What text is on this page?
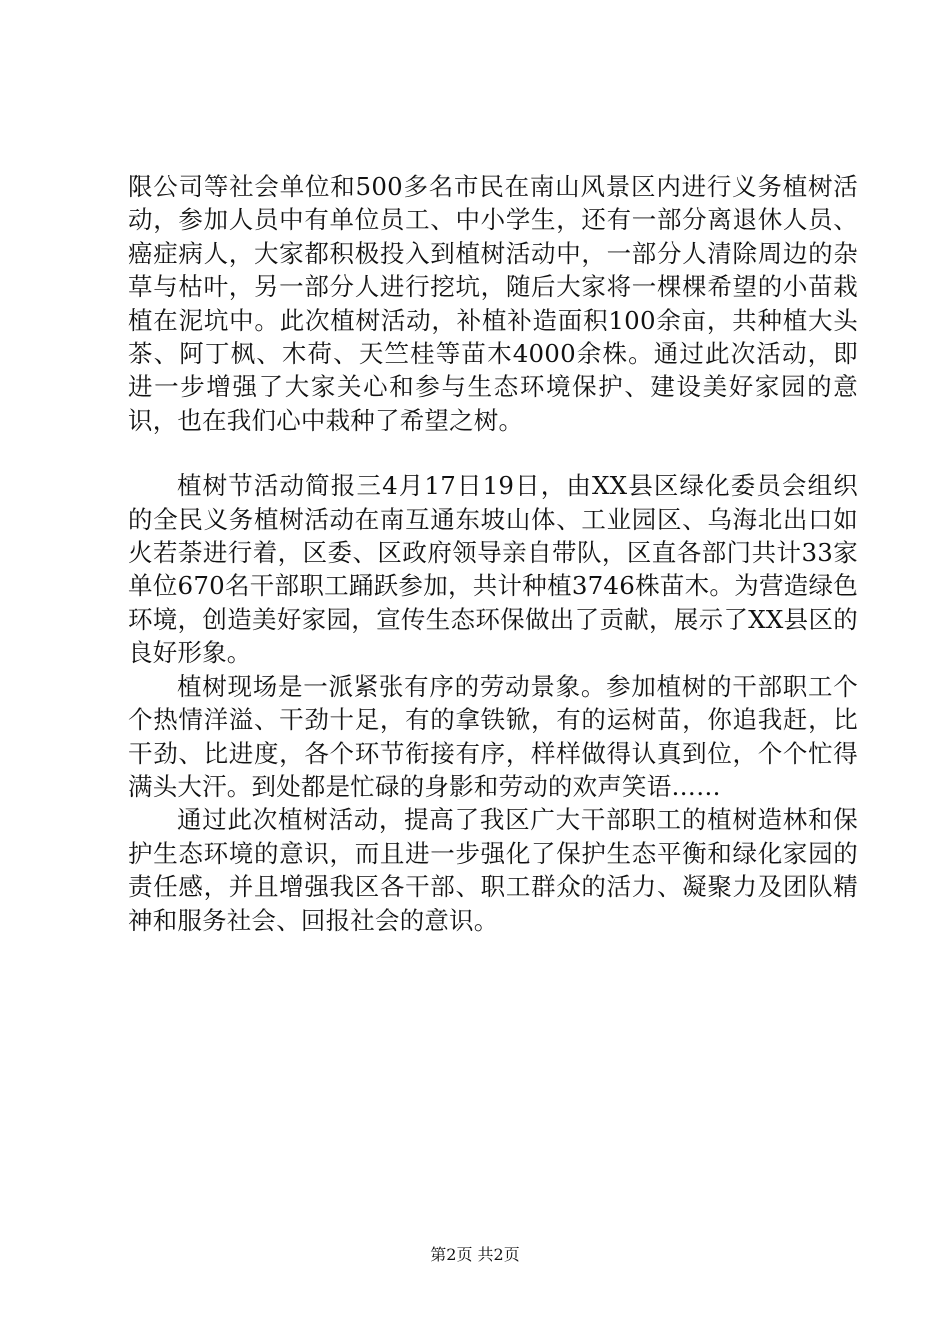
限公司等社会单位和500多名市民在南山风景区内进行义务植树活动，参加人员中有单位员工、中小学生，还有一部分离退休人员、癌症病人，大家都积极投入到植树活动中，一部分人清除周边的杂草与枯叶，另一部分人进行挖坑，随后大家将一棵棵希望的小苗栽植在泥坑中。此次植树活动，补植补造面积100余亩，共种植大头茶、阿丁枫、木荷、天竺桂等苗木4000余株。通过此次活动，即进一步增强了大家关心和参与生态环境保护、建设美好家园的意识，也在我们心中栽种了希望之树。

植树节活动简报三4月17日19日，由XX县区绿化委员会组织的全民义务植树活动在南互通东坡山体、工业园区、乌海北出口如火若荼进行着，区委、区政府领导亲自带队，区直各部门共计33家单位670名干部职工踊跃参加，共计种植3746株苗木。为营造绿色环境，创造美好家园，宣传生态环保做出了贡献，展示了XX县区的良好形象。

植树现场是一派紧张有序的劳动景象。参加植树的干部职工个个热情洋溢、干劲十足，有的拿铁锨，有的运树苗，你追我赶，比干劲、比进度，各个环节衔接有序，样样做得认真到位，个个忙得满头大汗。到处都是忙碌的身影和劳动的欢声笑语……

通过此次植树活动，提高了我区广大干部职工的植树造林和保护生态环境的意识，而且进一步强化了保护生态平衡和绿化家园的责任感，并且增强我区各干部、职工群众的活力、凝聚力及团队精神和服务社会、回报社会的意识。

第2页 共2页
